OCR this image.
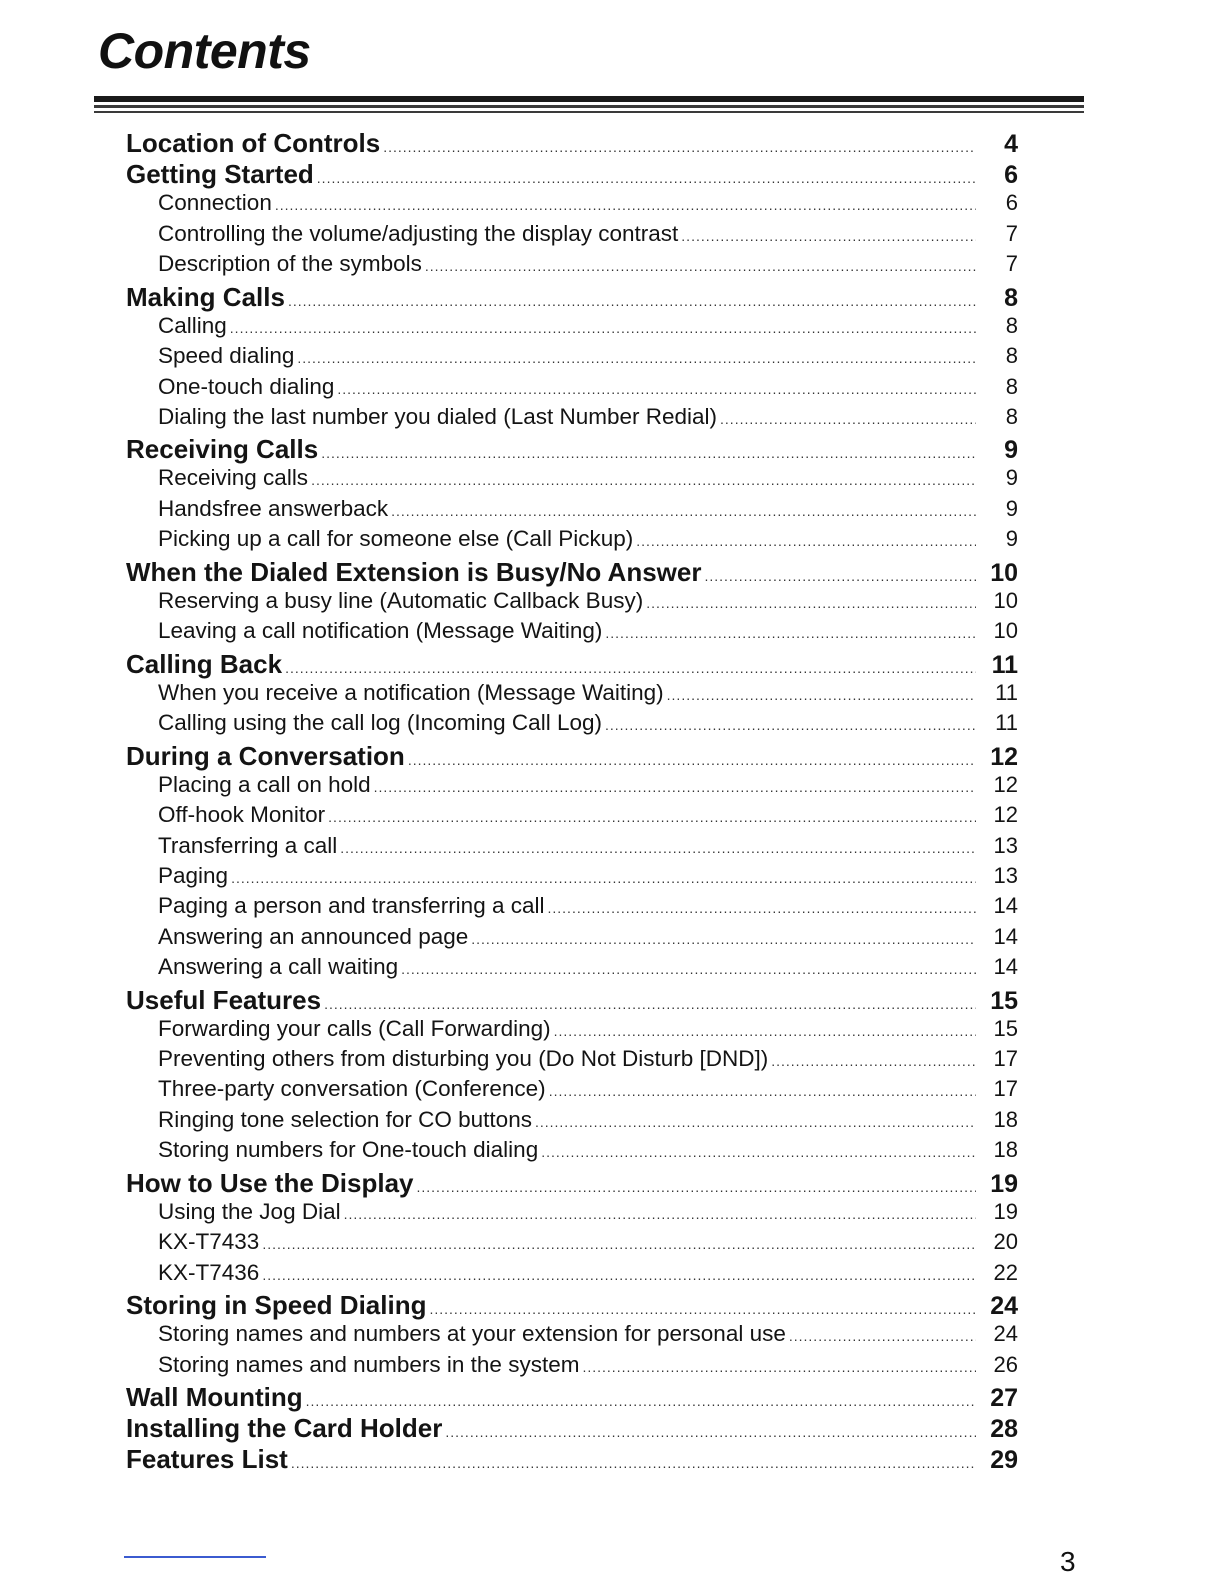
Contents
Location of Controls .....	4
Getting Started .....	6
Connection .....	6
Controlling the volume/adjusting the display contrast .....	7
Description of the symbols .....	7
Making Calls .....	8
Calling .....	8
Speed dialing .....	8
One-touch dialing .....	8
Dialing the last number you dialed (Last Number Redial) .....	8
Receiving Calls .....	9
Receiving calls .....	9
Handsfree answerback .....	9
Picking up a call for someone else (Call Pickup) .....	9
When the Dialed Extension is Busy/No Answer .....	10
Reserving a busy line (Automatic Callback Busy) .....	10
Leaving a call notification (Message Waiting) .....	10
Calling Back .....	11
When you receive a notification (Message Waiting) .....	11
Calling using the call log (Incoming Call Log) .....	11
During a Conversation .....	12
Placing a call on hold .....	12
Off-hook Monitor .....	12
Transferring a call .....	13
Paging .....	13
Paging a person and transferring a call .....	14
Answering an announced page .....	14
Answering a call waiting .....	14
Useful Features .....	15
Forwarding your calls (Call Forwarding) .....	15
Preventing others from disturbing you (Do Not Disturb [DND]) .....	17
Three-party conversation (Conference) .....	17
Ringing tone selection for CO buttons .....	18
Storing numbers for One-touch dialing .....	18
How to Use the Display .....	19
Using the Jog Dial .....	19
KX-T7433 .....	20
KX-T7436 .....	22
Storing in Speed Dialing .....	24
Storing names and numbers at your extension for personal use .....	24
Storing names and numbers in the system .....	26
Wall Mounting .....	27
Installing the Card Holder .....	28
Features List .....	29
3
